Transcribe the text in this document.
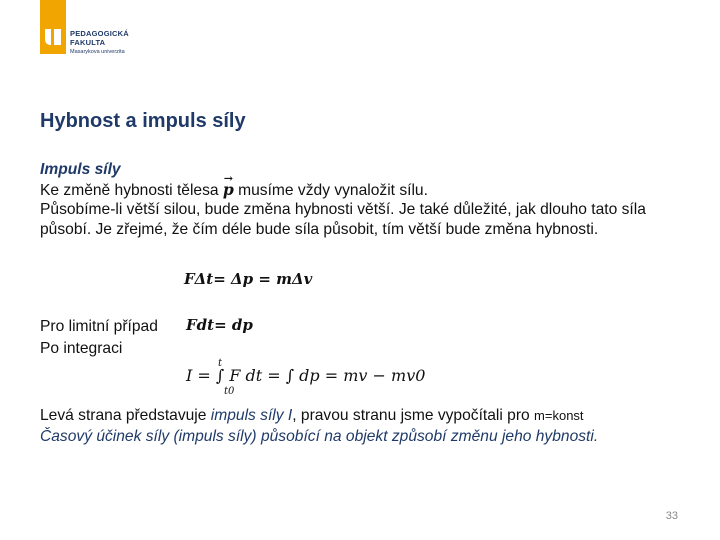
PEDAGOGICKÁ
FAKULTA
Masarykova univerzita
Hybnost a impuls síly

Impuls síly

Ke změně hybnosti tělesa → p musíme vždy vynaložit sílu.

Působíme-li větší silou, bude změna hybnosti větší. Je také důležité, jak dlouho tato síla působí. Je zřejmé, že čím déle bude síla působit, tím větší bude změna hybnosti.

FΔt= Δp = mΔv
Pro limitní případ Fdt= dp
Po integraci
I = ∫ F dt = ∫ dp = mv − mv0
t
t0

Levá strana představuje impuls síly I, pravou stranu jsme vypočítali pro m=konst

Časový účinek síly (impuls síly) působící na objekt způsobí změnu jeho hybnosti.

33
